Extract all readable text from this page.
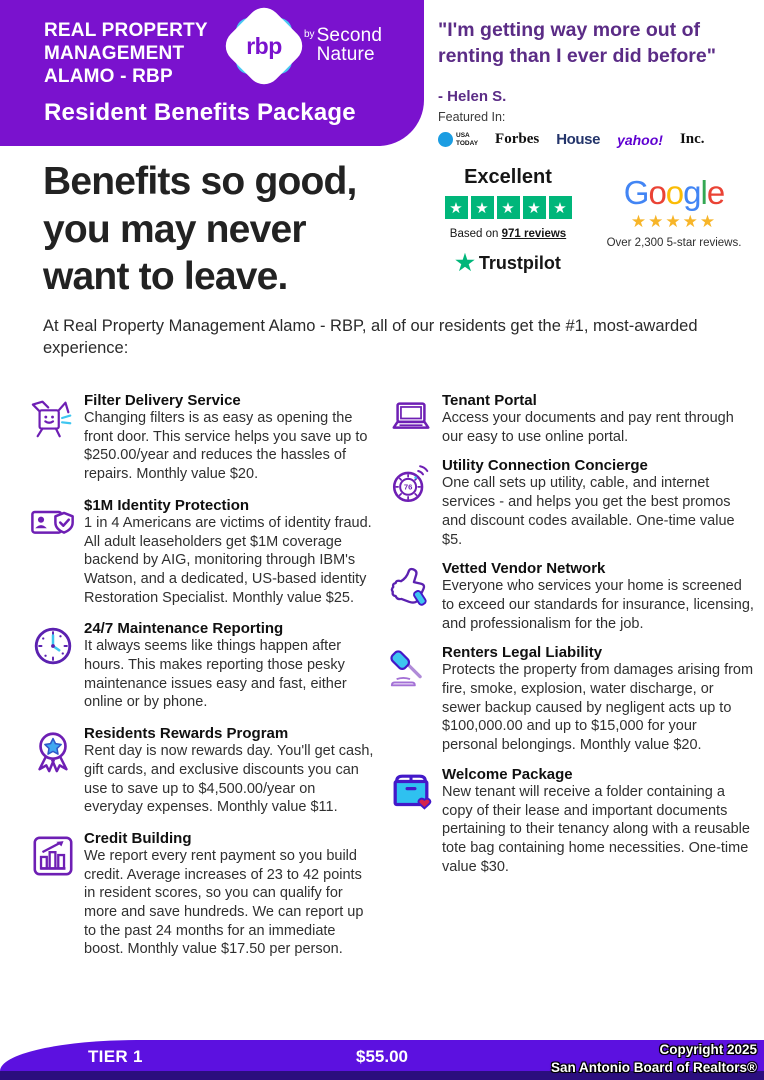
REAL PROPERTY
MANAGEMENT
ALAMO - RBP
rbp	by Second
Nature
Resident Benefits Package
"I'm getting way more out of renting than I ever did before"
- Helen S.
Featured In:
USA
TODAY Forbes House yahoo! Inc.
Benefits so good,
you may never
want to leave.
Excellent
★ ★ ★ ★ ★
Based on 971 reviews
★ Trustpilot
Google
★★★★★
Over 2,300 5-star reviews.
At Real Property Management Alamo - RBP, all of our residents get the #1, most-awarded experience:
Filter Delivery Service
Changing filters is as easy as opening the front door. This service helps you save up to $250.00/year and reduces the hassles of repairs. Monthly value $20.
$1M Identity Protection
1 in 4 Americans are victims of identity fraud. All adult leaseholders get $1M coverage backend by AIG, monitoring through IBM's Watson, and a dedicated, US-based identity Restoration Specialist. Monthly value $25.
24/7 Maintenance Reporting
It always seems like things happen after hours. This makes reporting those pesky maintenance issues easy and fast, either online or by phone.
Residents Rewards Program
Rent day is now rewards day. You'll get cash, gift cards, and exclusive discounts you can use to save up to $4,500.00/year on everyday expenses. Monthly value $11.
Credit Building
We report every rent payment so you build credit. Average increases of 23 to 42 points in resident scores, so you can qualify for more and save hundreds. We can report up to the past 24 months for an immediate boost. Monthly value $17.50 per person.
Tenant Portal
Access your documents and pay rent through our easy to use online portal.
76
Utility Connection Concierge
One call sets up utility, cable, and internet services - and helps you get the best promos and discount codes available. One-time value $5.
Vetted Vendor Network
Everyone who services your home is screened to exceed our standards for insurance, licensing, and professionalism for the job.
Renters Legal Liability
Protects the property from damages arising from fire, smoke, explosion, water discharge, or sewer backup caused by negligent acts up to $100,000.00 and up to $15,000 for your personal belongings. Monthly value $20.
Welcome Package
New tenant will receive a folder containing a copy of their lease and important documents pertaining to their tenancy along with a reusable tote bag containing home necessities. One-time value $30.
TIER 1	$55.00	Copyright 2025
San Antonio Board of Realtors®
